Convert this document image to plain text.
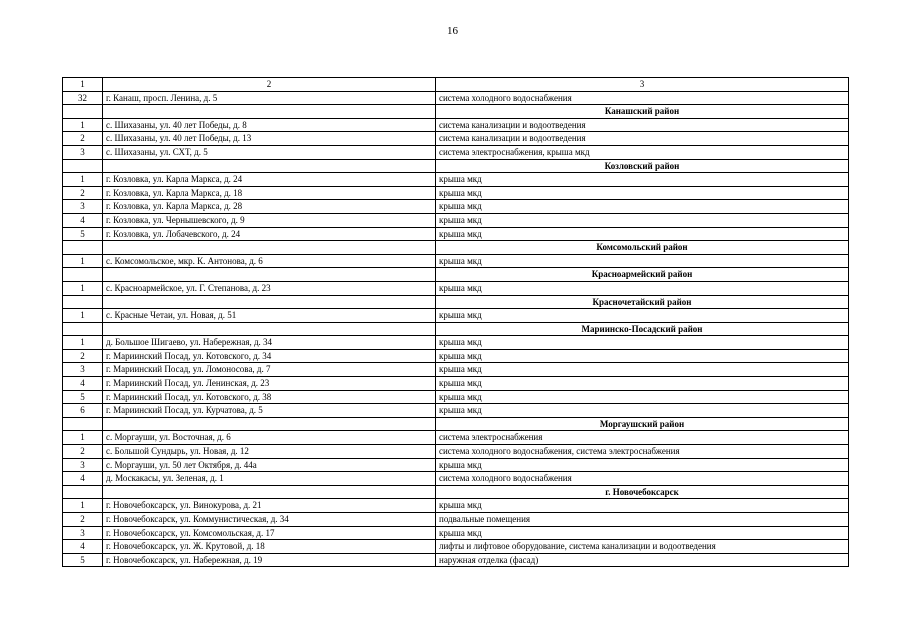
16
1	2	3
32	г. Канаш, просп. Ленина, д. 5	система холодного водоснабжения
		Канашский район
1	с. Шихазаны, ул. 40 лет Победы, д. 8	система канализации и водоотведения
2	с. Шихазаны, ул. 40 лет Победы, д. 13	система канализации и водоотведения
3	с. Шихазаны, ул. СХТ, д. 5	система электроснабжения, крыша мкд
		Козловский район
1	г. Козловка, ул. Карла Маркса, д. 24	крыша мкд
2	г. Козловка, ул. Карла Маркса, д. 18	крыша мкд
3	г. Козловка, ул. Карла Маркса, д. 28	крыша мкд
4	г. Козловка, ул. Чернышевского, д. 9	крыша мкд
5	г. Козловка, ул. Лобачевского, д. 24	крыша мкд
		Комсомольский район
1	с. Комсомольское, мкр. К. Антонова, д. 6	крыша мкд
		Красноармейский район
1	с. Красноармейское, ул. Г. Степанова, д. 23	крыша мкд
		Красночетайский район
1	с. Красные Четаи, ул. Новая, д. 51	крыша мкд
		Мариинско-Посадский район
1	д. Большое Шигаево, ул. Набережная, д. 34	крыша мкд
2	г. Мариинский Посад, ул. Котовского, д. 34	крыша мкд
3	г. Мариинский Посад, ул. Ломоносова, д. 7	крыша мкд
4	г. Мариинский Посад, ул. Ленинская, д. 23	крыша мкд
5	г. Мариинский Посад, ул. Котовского, д. 38	крыша мкд
6	г. Мариинский Посад, ул. Курчатова, д. 5	крыша мкд
		Моргаушский район
1	с. Моргауши, ул. Восточная, д. 6	система электроснабжения
2	с. Большой Сундырь, ул. Новая, д. 12	система холодного водоснабжения, система электроснабжения
3	с. Моргауши, ул. 50 лет Октября, д. 44а	крыша мкд
4	д. Москакасы, ул. Зеленая, д. 1	система холодного водоснабжения
		г. Новочебоксарск
1	г. Новочебоксарск, ул. Винокурова, д. 21	крыша мкд
2	г. Новочебоксарск, ул. Коммунистическая, д. 34	подвальные помещения
3	г. Новочебоксарск, ул. Комсомольская, д. 17	крыша мкд
4	г. Новочебоксарск, ул. Ж. Крутовой, д. 18	лифты и лифтовое оборудование, система канализации и водоотведения
5	г. Новочебоксарск, ул. Набережная, д. 19	наружная отделка (фасад)
